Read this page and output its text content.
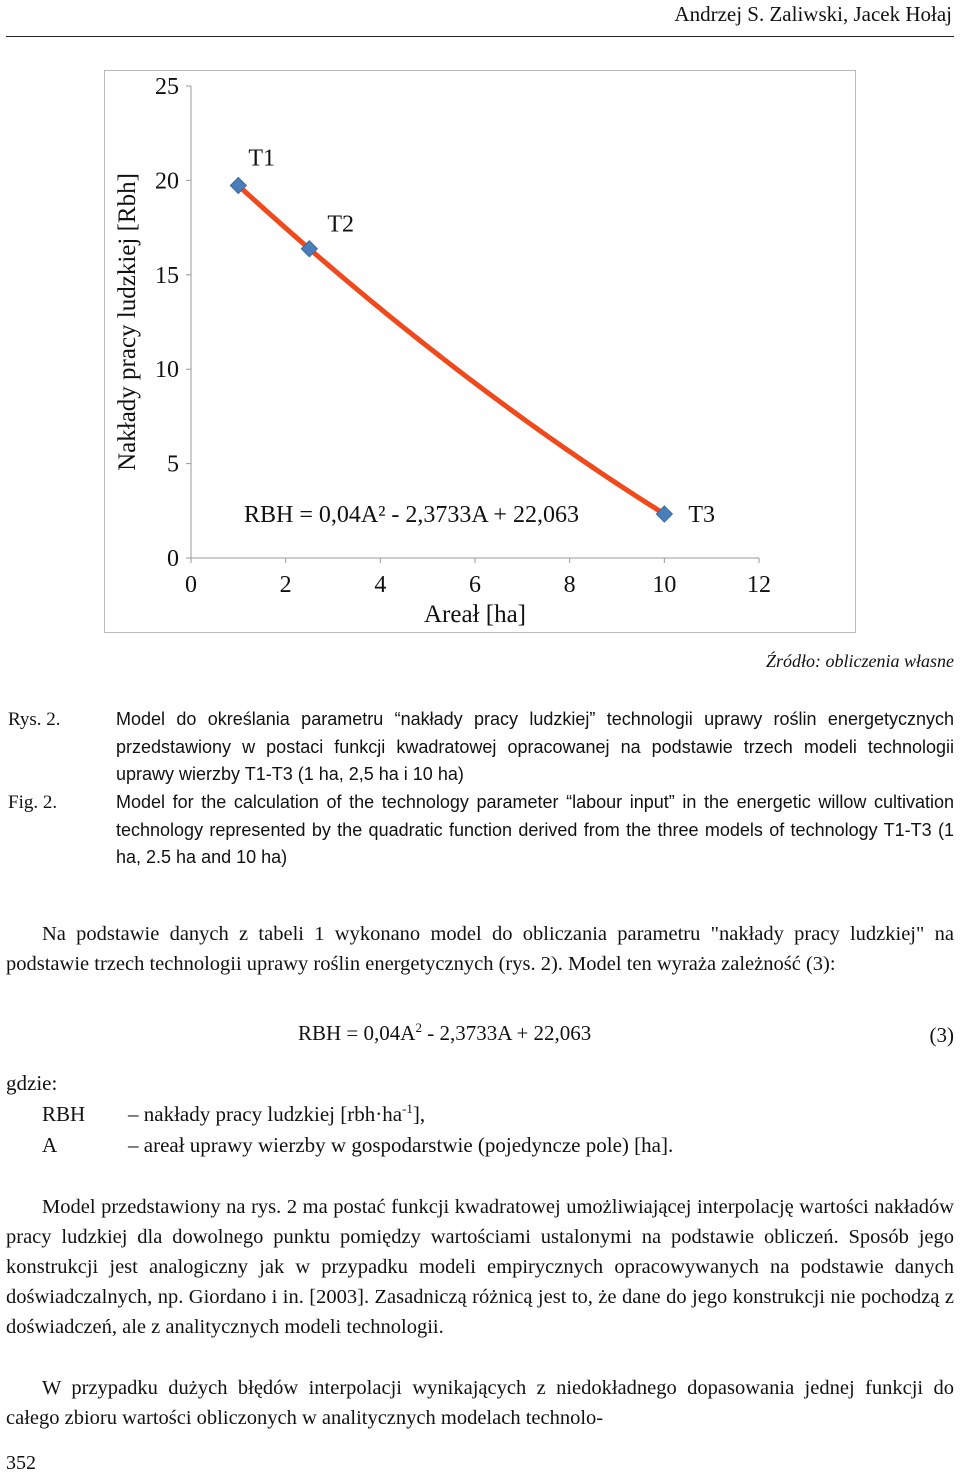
Andrzej S. Zaliwski, Jacek Hołaj
0
5
10
15
20
25
0	2	4	6	8	10	12
Areał [ha]
Nakłady pracy ludzkiej [Rbh]
T1
T2
T3
RBH = 0,04A² - 2,3733A + 22,063
Źródło: obliczenia własne
Rys. 2.	Model do określania parametru “nakłady pracy ludzkiej” technologii uprawy roślin energetycznych przedstawiony w postaci funkcji kwadratowej opracowanej na podstawie trzech modeli technologii uprawy wierzby T1-T3 (1 ha, 2,5 ha i 10 ha)
Fig. 2.	Model for the calculation of the technology parameter “labour input” in the energetic willow cultivation technology represented by the quadratic function derived from the three models of technology T1-T3 (1 ha, 2.5 ha and 10 ha)
Na podstawie danych z tabeli 1 wykonano model do obliczania parametru "nakłady pracy ludzkiej" na podstawie trzech technologii uprawy roślin energetycznych (rys. 2). Model ten wyraża zależność (3):
RBH = $0,04A^2 - 2,3733A + 22,063$	(3)
gdzie:
RBH – nakłady pracy ludzkiej $[rbh\cdot ha^{-1}]$,
A	– areał uprawy wierzby w gospodarstwie (pojedyncze pole) [ha].
Model przedstawiony na rys. 2 ma postać funkcji kwadratowej umożliwiającej interpolację wartości nakładów pracy ludzkiej dla dowolnego punktu pomiędzy wartościami ustalonymi na podstawie obliczeń. Sposób jego konstrukcji jest analogiczny jak w przypadku modeli empirycznych opracowywanych na podstawie danych doświadczalnych, np. Giordano i in. [2003]. Zasadniczą różnicą jest to, że dane do jego konstrukcji nie pochodzą z doświadczeń, ale z analitycznych modeli technologii.
W przypadku dużych błędów interpolacji wynikających z niedokładnego dopasowania jednej funkcji do całego zbioru wartości obliczonych w analitycznych modelach technolo-
352
